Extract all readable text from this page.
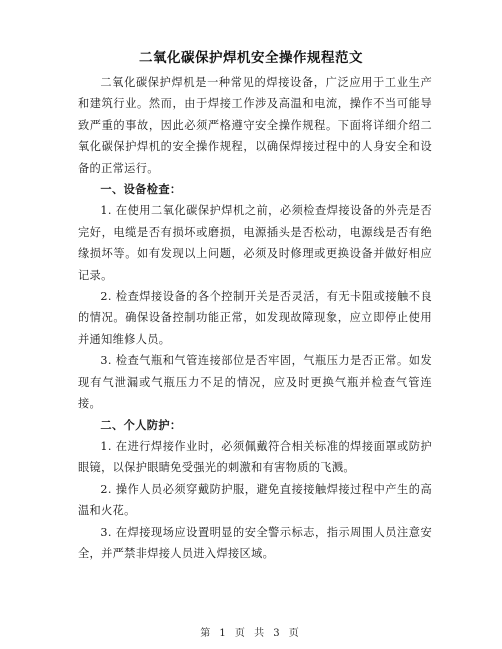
二氧化碳保护焊机安全操作规程范文

二氧化碳保护焊机是一种常见的焊接设备，广泛应用于工业生产和建筑行业。然而，由于焊接工作涉及高温和电流，操作不当可能导致严重的事故，因此必须严格遵守安全操作规程。下面将详细介绍二氧化碳保护焊机的安全操作规程，以确保焊接过程中的人身安全和设备的正常运行。

一、设备检查：

1. 在使用二氧化碳保护焊机之前，必须检查焊接设备的外壳是否完好，电缆是否有损坏或磨损，电源插头是否松动，电源线是否有绝缘损坏等。如有发现以上问题，必须及时修理或更换设备并做好相应记录。

2. 检查焊接设备的各个控制开关是否灵活，有无卡阻或接触不良的情况。确保设备控制功能正常，如发现故障现象，应立即停止使用并通知维修人员。

3. 检查气瓶和气管连接部位是否牢固，气瓶压力是否正常。如发现有气泄漏或气瓶压力不足的情况，应及时更换气瓶并检查气管连接。

二、个人防护：

1. 在进行焊接作业时，必须佩戴符合相关标准的焊接面罩或防护眼镜，以保护眼睛免受强光的刺激和有害物质的飞溅。

2. 操作人员必须穿戴防护服，避免直接接触焊接过程中产生的高温和火花。

3. 在焊接现场应设置明显的安全警示标志，指示周围人员注意安全，并严禁非焊接人员进入焊接区域。

第 1 页 共 3 页
